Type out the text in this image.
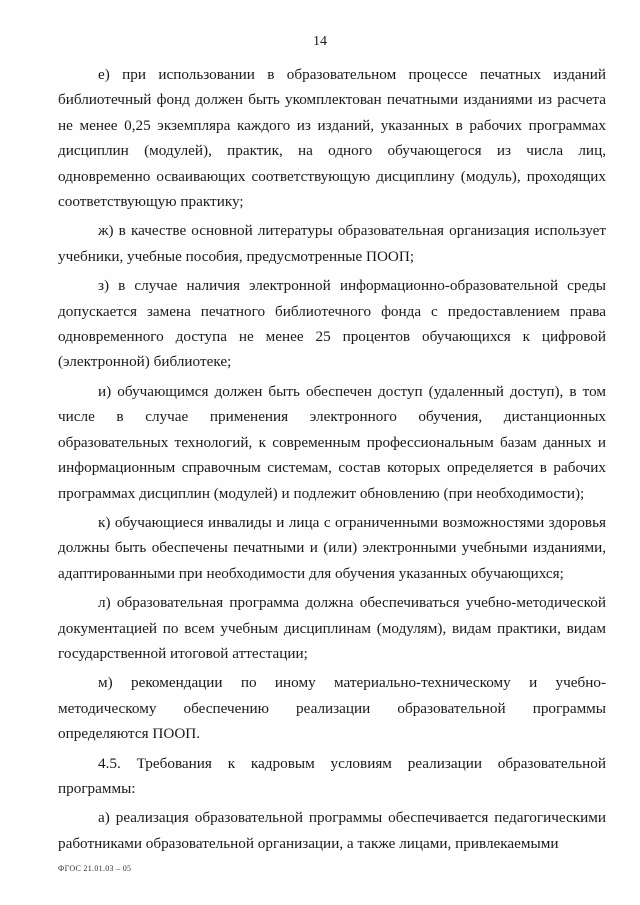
14

е) при использовании в образовательном процессе печатных изданий библиотечный фонд должен быть укомплектован печатными изданиями из расчета не менее 0,25 экземпляра каждого из изданий, указанных в рабочих программах дисциплин (модулей), практик, на одного обучающегося из числа лиц, одновременно осваивающих соответствующую дисциплину (модуль), проходящих соответствующую практику;

ж) в качестве основной литературы образовательная организация использует учебники, учебные пособия, предусмотренные ПООП;

з) в случае наличия электронной информационно-образовательной среды допускается замена печатного библиотечного фонда с предоставлением права одновременного доступа не менее 25 процентов обучающихся к цифровой (электронной) библиотеке;

и) обучающимся должен быть обеспечен доступ (удаленный доступ), в том числе в случае применения электронного обучения, дистанционных образовательных технологий, к современным профессиональным базам данных и информационным справочным системам, состав которых определяется в рабочих программах дисциплин (модулей) и подлежит обновлению (при необходимости);

к) обучающиеся инвалиды и лица с ограниченными возможностями здоровья должны быть обеспечены печатными и (или) электронными учебными изданиями, адаптированными при необходимости для обучения указанных обучающихся;

л) образовательная программа должна обеспечиваться учебно-методической документацией по всем учебным дисциплинам (модулям), видам практики, видам государственной итоговой аттестации;

м) рекомендации по иному материально-техническому и учебно-методическому обеспечению реализации образовательной программы определяются ПООП.

4.5. Требования к кадровым условиям реализации образовательной программы:

а) реализация образовательной программы обеспечивается педагогическими работниками образовательной организации, а также лицами, привлекаемыми

ФГОС 21.01.03 – 05
